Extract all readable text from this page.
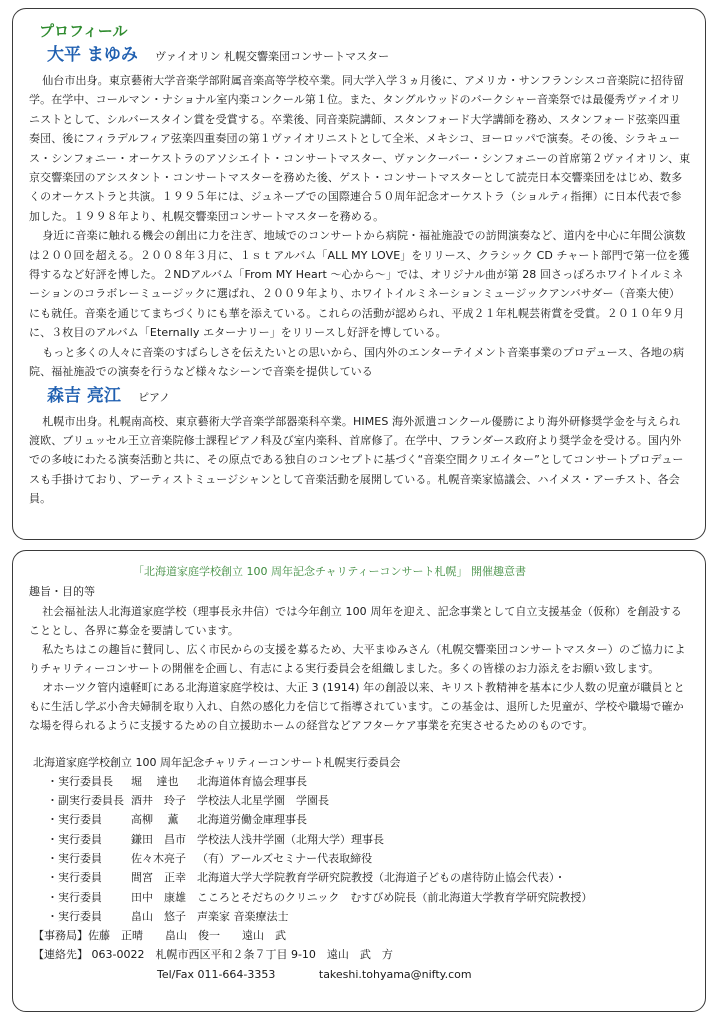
プロフィール
大平 まゆみ ヴァイオリン 札幌交響楽団コンサートマスター

仙台市出身。東京藝術大学音楽学部附属音楽高等学校卒業。同大学入学３ヵ月後に、アメリカ・サンフランシスコ音楽院に招待留学。在学中、コールマン・ナショナル室内楽コンクール第１位。また、タングルウッドのバークシャー音楽祭では最優秀ヴァイオリニストとして、シルバースタイン賞を受賞する。卒業後、同音楽院講師、スタンフォード大学講師を務め、スタンフォード弦楽四重奏団、後にフィラデルフィア弦楽四重奏団の第１ヴァイオリニストとして全米、メキシコ、ヨーロッパで演奏。その後、シラキュース・シンフォニー・オーケストラのアソシエイト・コンサートマスター、ヴァンクーバー・シンフォニーの首席第２ヴァイオリン、東京交響楽団のアシスタント・コンサートマスターを務めた後、ゲスト・コンサートマスターとして読売日本交響楽団をはじめ、数多くのオーケストラと共演。１９９５年には、ジュネーブでの国際連合５０周年記念オーケストラ（ショルティ指揮）に日本代表で参加した。１９９８年より、札幌交響楽団コンサートマスターを務める。

身近に音楽に触れる機会の創出に力を注ぎ、地域でのコンサートから病院・福祉施設での訪問演奏など、道内を中心に年間公演数は２００回を超える。２００８年３月に、１ｓｔアルバム「ALL MY LOVE」をリリース、クラシック CD チャート部門で第一位を獲得するなど好評を博した。２NDアルバム「From MY Heart ～心から～」では、オリジナル曲が第 28 回さっぽろホワイトイルミネーションのコラボレーミュージックに選ばれ、２００９年より、ホワイトイルミネーションミュージックアンバサダー（音楽大使）にも就任。音楽を通じてまちづくりにも華を添えている。これらの活動が認められ、平成２１年札幌芸術賞を受賞。２０１０年９月に、３枚目のアルバム「Eternally エターナリー」をリリースし好評を博している。

もっと多くの人々に音楽のすばらしさを伝えたいとの思いから、国内外のエンターテイメント音楽事業のプロデュース、各地の病院、福祉施設での演奏を行うなど様々なシーンで音楽を提供している

森吉 亮江 ピアノ

札幌市出身。札幌南高校、東京藝術大学音楽学部器楽科卒業。HIMES 海外派遣コンクール優勝により海外研修奨学金を与えられ渡欧、ブリュッセル王立音楽院修士課程ピアノ科及び室内楽科、首席修了。在学中、フランダース政府より奨学金を受ける。国内外での多岐にわたる演奏活動と共に、その原点である独自のコンセプトに基づく“音楽空間クリエイター”としてコンサートプロデュースも手掛けており、アーティストミュージシャンとして音楽活動を展開している。札幌音楽家協議会、ハイメス・アーチスト、各会員。

「北海道家庭学校創立 100 周年記念チャリティーコンサート札幌」 開催趣意書
趣旨・目的等

社会福祉法人北海道家庭学校（理事長永井信）では今年創立 100 周年を迎え、記念事業として自立支援基金（仮称）を創設することとし、各界に募金を要請しています。

私たちはこの趣旨に賛同し、広く市民からの支援を募るため、大平まゆみさん（札幌交響楽団コンサートマスター）のご協力によりチャリティーコンサートの開催を企画し、有志による実行委員会を組織しました。多くの皆様のお力添えをお願い致します。

オホーツク管内遠軽町にある北海道家庭学校は、大正 3 (1914) 年の創設以来、キリスト教精神を基本に少人数の児童が職員とともに生活し学ぶ小舎夫婦制を取り入れ、自然の感化力を信じて指導されています。この基金は、退所した児童が、学校や職場で確かな場を得られるように支援するための自立援助ホームの経営などアフターケア事業を充実させるためのものです。

北海道家庭学校創立 100 周年記念チャリティーコンサート札幌実行委員会
・実行委員長	堀　 達也	北海道体育協会理事長
・副実行委員長 酒井　玲子	学校法人北星学園　学園長
・実行委員	高柳　 薫	北海道労働金庫理事長
・実行委員	鎌田　昌市	学校法人浅井学園（北翔大学）理事長
・実行委員	佐々木亮子	（有）アールズセミナー代表取締役
・実行委員	間宮　正幸	北海道大学大学院教育学研究院教授（北海道子どもの虐待防止協会代表）・
・実行委員	田中　康雄	こころとそだちのクリニック　むすびめ院長（前北海道大学教育学研究院教授）
・実行委員	畠山　悠子	声楽家 音楽療法士
【事務局】佐藤　正晴　　畠山　俊一　　遠山　武
【連絡先】 063-0022　札幌市西区平和２条７丁目 9-10　遠山　武　方
Tel/Fax 011-664-3353	takeshi.tohyama@nifty.com
